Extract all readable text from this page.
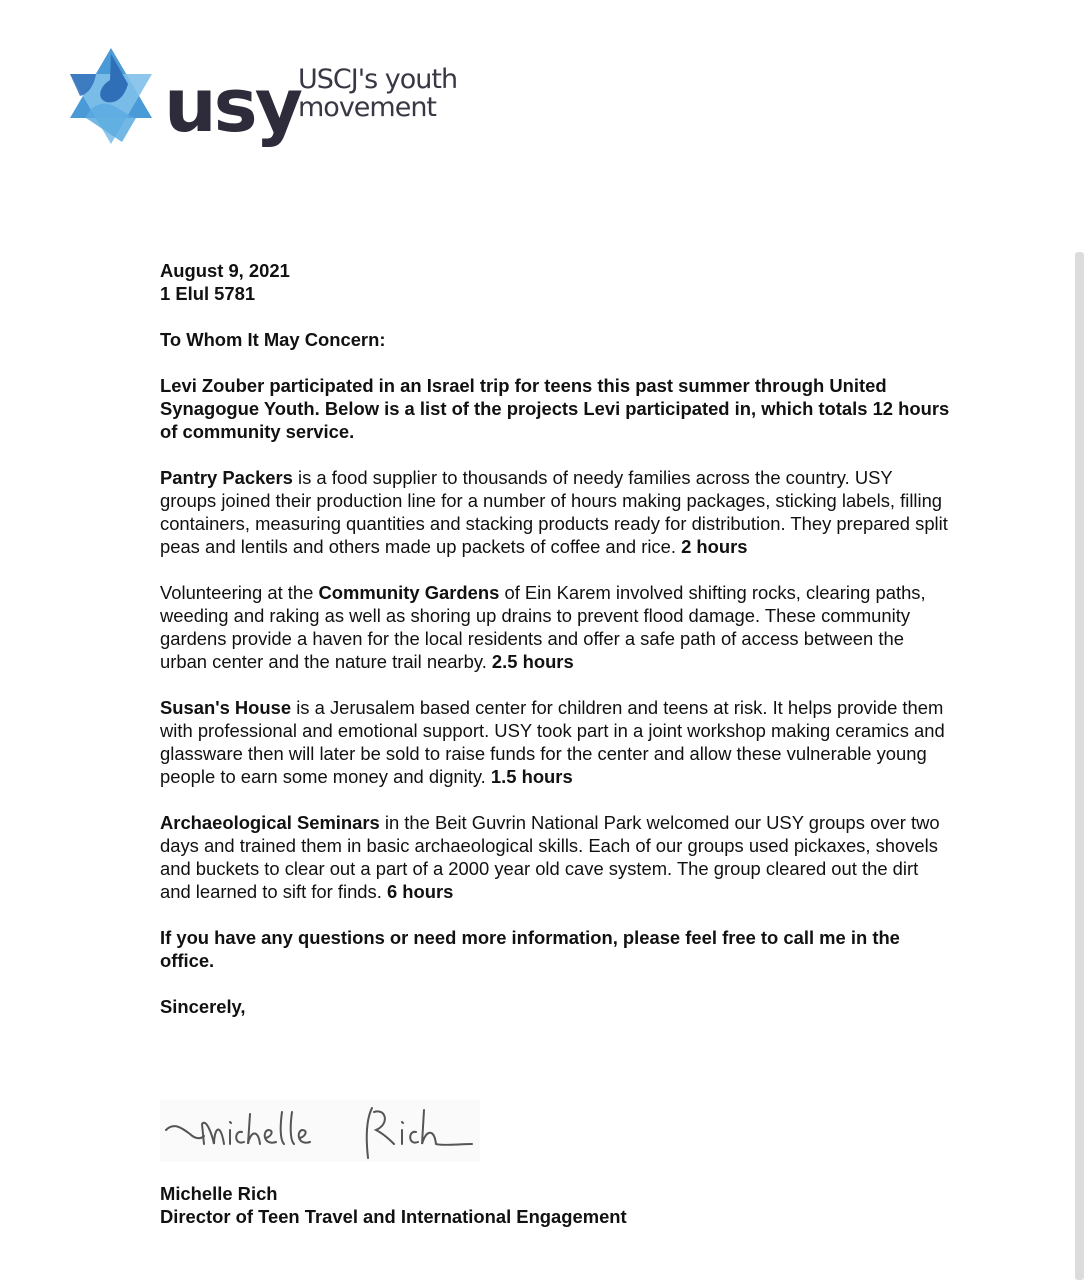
usy
USCJ's youth
movement

August 9, 2021
1 Elul 5781

To Whom It May Concern:

Levi Zouber participated in an Israel trip for teens this past summer through United Synagogue Youth. Below is a list of the projects Levi participated in, which totals 12 hours of community service.

Pantry Packers is a food supplier to thousands of needy families across the country. USY groups joined their production line for a number of hours making packages, sticking labels, filling containers, measuring quantities and stacking products ready for distribution. They prepared split peas and lentils and others made up packets of coffee and rice. 2 hours

Volunteering at the Community Gardens of Ein Karem involved shifting rocks, clearing paths, weeding and raking as well as shoring up drains to prevent flood damage. These community gardens provide a haven for the local residents and offer a safe path of access between the urban center and the nature trail nearby. 2.5 hours

Susan's House is a Jerusalem based center for children and teens at risk. It helps provide them with professional and emotional support. USY took part in a joint workshop making ceramics and glassware then will later be sold to raise funds for the center and allow these vulnerable young people to earn some money and dignity. 1.5 hours

Archaeological Seminars in the Beit Guvrin National Park welcomed our USY groups over two days and trained them in basic archaeological skills. Each of our groups used pickaxes, shovels and buckets to clear out a part of a 2000 year old cave system. The group cleared out the dirt and learned to sift for finds. 6 hours

If you have any questions or need more information, please feel free to call me in the office.

Sincerely,

Michelle Rich
Director of Teen Travel and International Engagement
